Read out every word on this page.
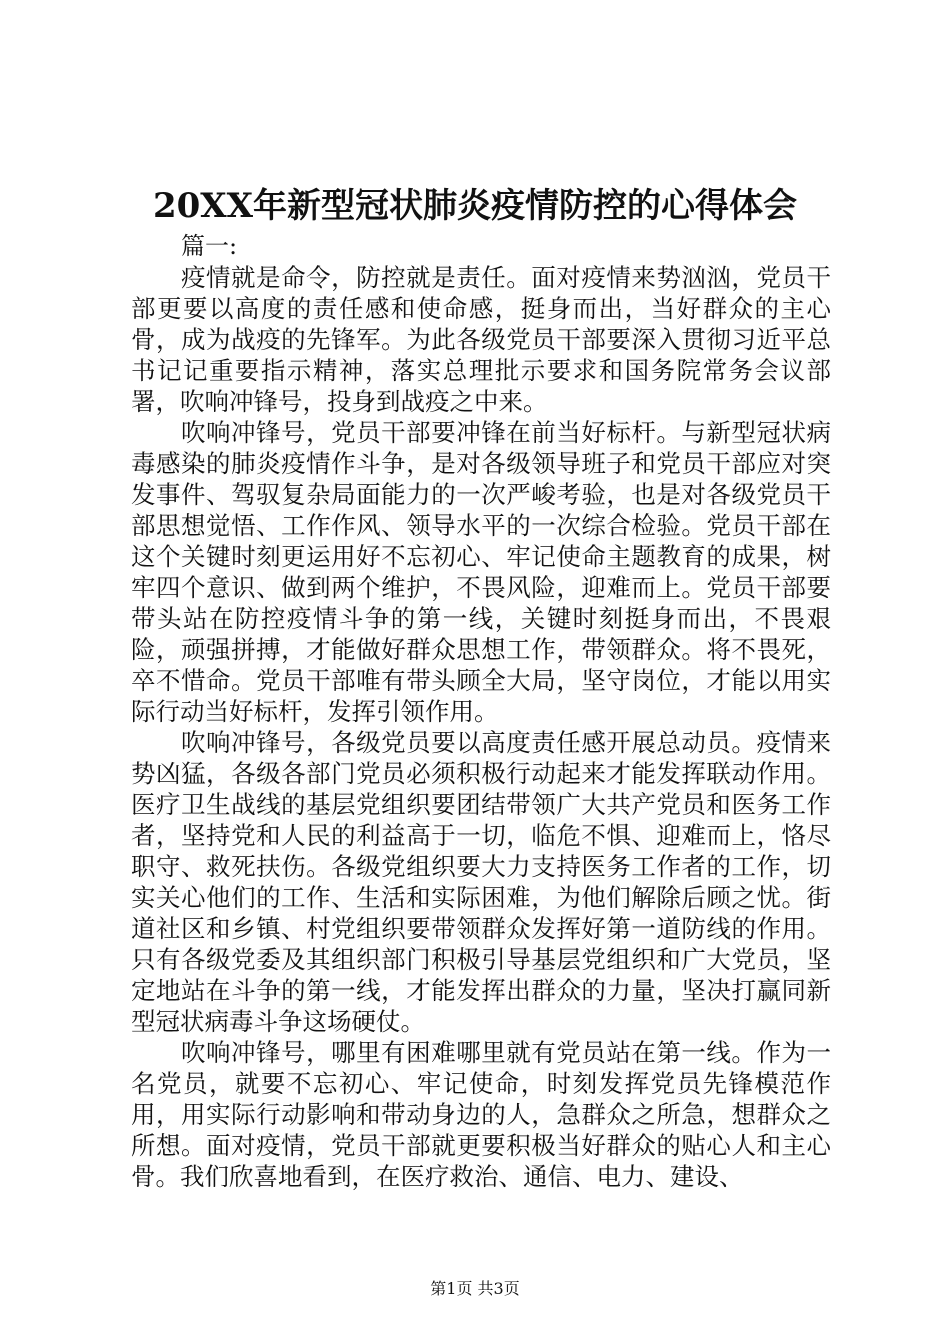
20XX年新型冠状肺炎疫情防控的心得体会

篇一:

疫情就是命令，防控就是责任。面对疫情来势汹汹，党员干部更要以高度的责任感和使命感，挺身而出，当好群众的主心骨，成为战疫的先锋军。为此各级党员干部要深入贯彻习近平总书记记重要指示精神，落实总理批示要求和国务院常务会议部署，吹响冲锋号，投身到战疫之中来。

吹响冲锋号，党员干部要冲锋在前当好标杆。与新型冠状病毒感染的肺炎疫情作斗争，是对各级领导班子和党员干部应对突发事件、驾驭复杂局面能力的一次严峻考验，也是对各级党员干部思想觉悟、工作作风、领导水平的一次综合检验。党员干部在这个关键时刻更运用好不忘初心、牢记使命主题教育的成果，树牢四个意识、做到两个维护，不畏风险，迎难而上。党员干部要带头站在防控疫情斗争的第一线，关键时刻挺身而出，不畏艰险，顽强拼搏，才能做好群众思想工作，带领群众。将不畏死，卒不惜命。党员干部唯有带头顾全大局，坚守岗位，才能以用实际行动当好标杆，发挥引领作用。

吹响冲锋号，各级党员要以高度责任感开展总动员。疫情来势凶猛，各级各部门党员必须积极行动起来才能发挥联动作用。医疗卫生战线的基层党组织要团结带领广大共产党员和医务工作者，坚持党和人民的利益高于一切，临危不惧、迎难而上，恪尽职守、救死扶伤。各级党组织要大力支持医务工作者的工作，切实关心他们的工作、生活和实际困难，为他们解除后顾之忧。街道社区和乡镇、村党组织要带领群众发挥好第一道防线的作用。只有各级党委及其组织部门积极引导基层党组织和广大党员，坚定地站在斗争的第一线，才能发挥出群众的力量，坚决打赢同新型冠状病毒斗争这场硬仗。

吹响冲锋号，哪里有困难哪里就有党员站在第一线。作为一名党员，就要不忘初心、牢记使命，时刻发挥党员先锋模范作用，用实际行动影响和带动身边的人，急群众之所急，想群众之所想。面对疫情，党员干部就更要积极当好群众的贴心人和主心骨。我们欣喜地看到，在医疗救治、通信、电力、建设、

第1页 共3页
